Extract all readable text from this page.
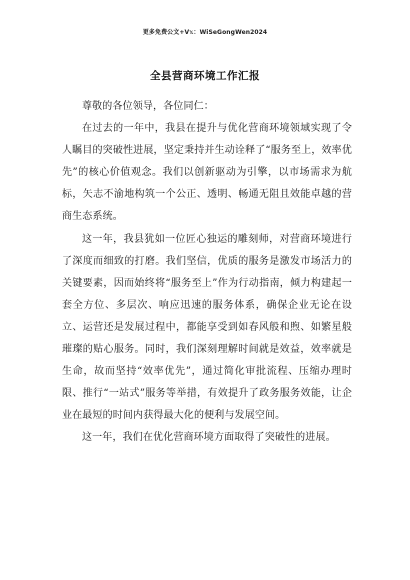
更多免费公文+V𝕩：WiSeGongWen2024
全县营商环境工作汇报

尊敬的各位领导，各位同仁：

在过去的一年中，我县在提升与优化营商环境领域实现了令人瞩目的突破性进展，坚定秉持并生动诠释了“服务至上，效率优先”的核心价值观念。我们以创新驱动为引擎，以市场需求为航标，矢志不渝地构筑一个公正、透明、畅通无阻且效能卓越的营商生态系统。

这一年，我县犹如一位匠心独运的雕刻师，对营商环境进行了深度而细致的打磨。我们坚信，优质的服务是激发市场活力的关键要素，因而始终将“服务至上”作为行动指南，倾力构建起一套全方位、多层次、响应迅速的服务体系，确保企业无论在设立、运营还是发展过程中，都能享受到如春风般和煦、如繁星般璀璨的贴心服务。同时，我们深刻理解时间就是效益，效率就是生命，故而坚持“效率优先”，通过简化审批流程、压缩办理时限、推行“一站式”服务等举措，有效提升了政务服务效能，让企业在最短的时间内获得最大化的便利与发展空间。

这一年，我们在优化营商环境方面取得了突破性的进展。
